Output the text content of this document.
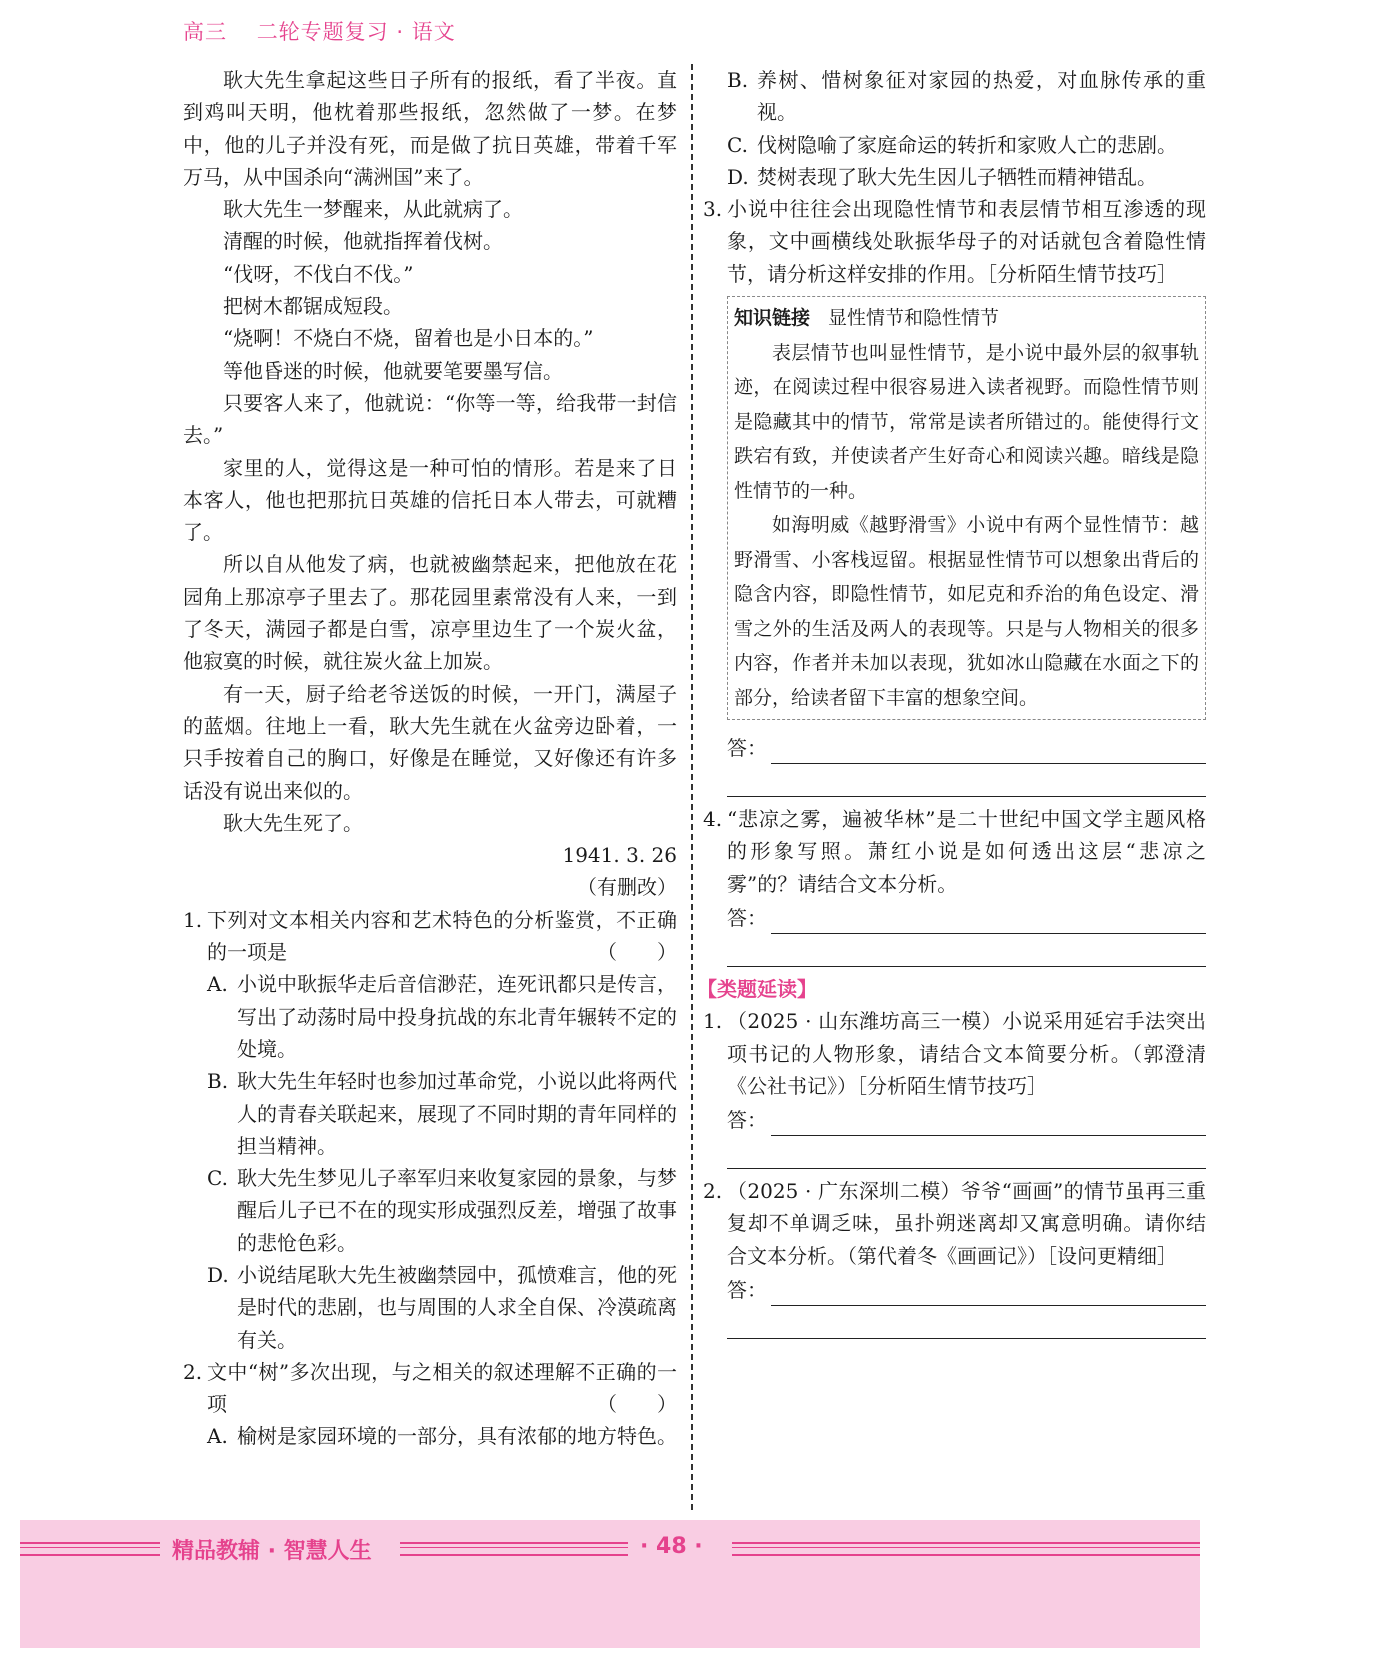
高三 二轮专题复习 · 语文

耿大先生拿起这些日子所有的报纸，看了半夜。直到鸡叫天明，他枕着那些报纸，忽然做了一梦。在梦中，他的儿子并没有死，而是做了抗日英雄，带着千军万马，从中国杀向“满洲国”来了。

耿大先生一梦醒来，从此就病了。

清醒的时候，他就指挥着伐树。

“伐呀，不伐白不伐。”

把树木都锯成短段。

“烧啊！不烧白不烧，留着也是小日本的。”

等他昏迷的时候，他就要笔要墨写信。

只要客人来了，他就说：“你等一等，给我带一封信去。”

家里的人，觉得这是一种可怕的情形。若是来了日本客人，他也把那抗日英雄的信托日本人带去，可就糟了。

所以自从他发了病，也就被幽禁起来，把他放在花园角上那凉亭子里去了。那花园里素常没有人来，一到了冬天，满园子都是白雪，凉亭里边生了一个炭火盆，他寂寞的时候，就往炭火盆上加炭。

有一天，厨子给老爷送饭的时候，一开门，满屋子的蓝烟。往地上一看，耿大先生就在火盆旁边卧着，一只手按着自己的胸口，好像是在睡觉，又好像还有许多话没有说出来似的。

耿大先生死了。

1941. 3. 26

（有删改）

1. 下列对文本相关内容和艺术特色的分析鉴赏，不正确的一项是	（　　）
A. 小说中耿振华走后音信渺茫，连死讯都只是传言，写出了动荡时局中投身抗战的东北青年辗转不定的处境。
B. 耿大先生年轻时也参加过革命党，小说以此将两代人的青春关联起来，展现了不同时期的青年同样的担当精神。
C. 耿大先生梦见儿子率军归来收复家园的景象，与梦醒后儿子已不在的现实形成强烈反差，增强了故事的悲怆色彩。
D. 小说结尾耿大先生被幽禁园中，孤愤难言，他的死是时代的悲剧，也与周围的人求全自保、冷漠疏离有关。
2. 文中“树”多次出现，与之相关的叙述理解不正确的一项	（　　）
A. 榆树是家园环境的一部分，具有浓郁的地方特色。
B. 养树、惜树象征对家园的热爱，对血脉传承的重视。
C. 伐树隐喻了家庭命运的转折和家败人亡的悲剧。
D. 焚树表现了耿大先生因儿子牺牲而精神错乱。
3. 小说中往往会出现隐性情节和表层情节相互渗透的现象，文中画横线处耿振华母子的对话就包含着隐性情节，请分析这样安排的作用。［分析陌生情节技巧］
知识链接 显性情节和隐性情节

表层情节也叫显性情节，是小说中最外层的叙事轨迹，在阅读过程中很容易进入读者视野。而隐性情节则是隐藏其中的情节，常常是读者所错过的。能使得行文跌宕有致，并使读者产生好奇心和阅读兴趣。暗线是隐性情节的一种。

如海明威《越野滑雪》小说中有两个显性情节：越野滑雪、小客栈逗留。根据显性情节可以想象出背后的隐含内容，即隐性情节，如尼克和乔治的角色设定、滑雪之外的生活及两人的表现等。只是与人物相关的很多内容，作者并未加以表现，犹如冰山隐藏在水面之下的部分，给读者留下丰富的想象空间。

答：
4. “悲凉之雾，遍被华林”是二十世纪中国文学主题风格的形象写照。萧红小说是如何透出这层“悲凉之雾”的？请结合文本分析。
答：
【类题延读】
1. （2025 · 山东潍坊高三一模）小说采用延宕手法突出项书记的人物形象，请结合文本简要分析。（郭澄清《公社书记》）［分析陌生情节技巧］
答：
2. （2025 · 广东深圳二模）爷爷“画画”的情节虽再三重复却不单调乏味，虽扑朔迷离却又寓意明确。请你结合文本分析。（第代着冬《画画记》）［设问更精细］
答：
精品教辅 · 智慧人生	· 48 ·
